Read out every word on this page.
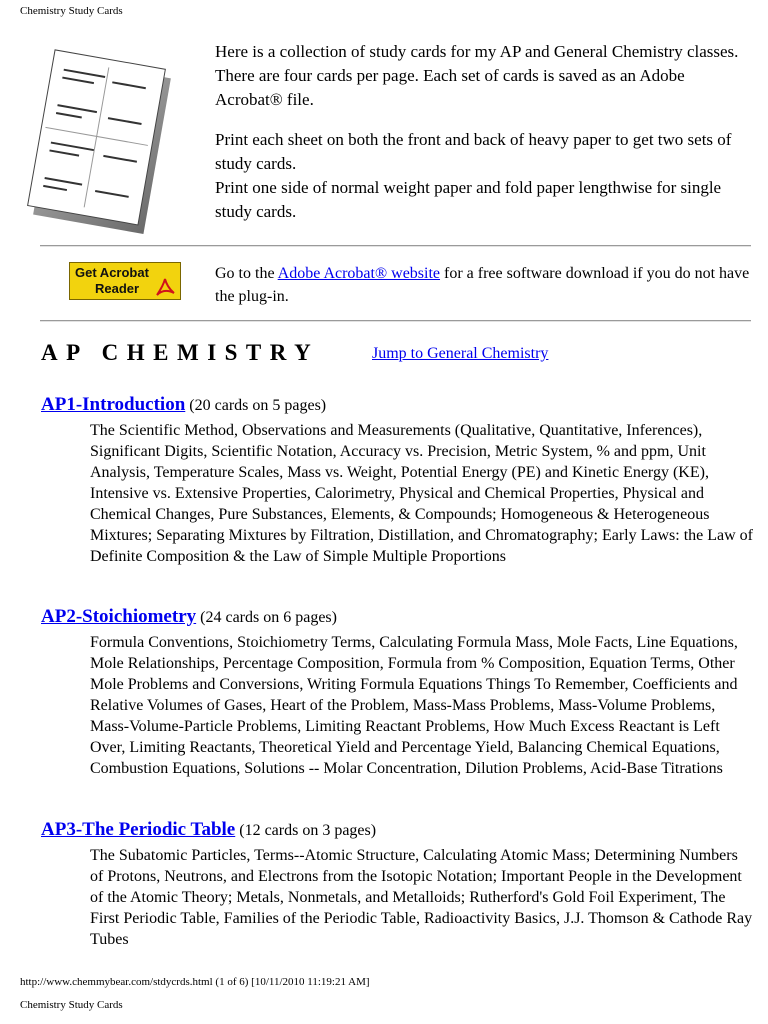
Chemistry Study Cards

Here is a collection of study cards for my AP and General Chemistry classes. There are four cards per page. Each set of cards is saved as an Adobe Acrobat® file.

Print each sheet on both the front and back of heavy paper to get two sets of study cards.

Print one side of normal weight paper and fold paper lengthwise for single study cards.

Get Acrobat
Reader
Go to the Adobe Acrobat® website for a free software download if you do not have the plug-in.
AP CHEMISTRY	Jump to General Chemistry
AP1-Introduction (20 cards on 5 pages)
The Scientific Method, Observations and Measurements (Qualitative, Quantitative, Inferences), Significant Digits, Scientific Notation, Accuracy vs. Precision, Metric System, % and ppm, Unit Analysis, Temperature Scales, Mass vs. Weight, Potential Energy (PE) and Kinetic Energy (KE), Intensive vs. Extensive Properties, Calorimetry, Physical and Chemical Properties, Physical and Chemical Changes, Pure Substances, Elements, & Compounds; Homogeneous & Heterogeneous Mixtures; Separating Mixtures by Filtration, Distillation, and Chromatography; Early Laws: the Law of Definite Composition & the Law of Simple Multiple Proportions
AP2-Stoichiometry (24 cards on 6 pages)
Formula Conventions, Stoichiometry Terms, Calculating Formula Mass, Mole Facts, Line Equations, Mole Relationships, Percentage Composition, Formula from % Composition, Equation Terms, Other Mole Problems and Conversions, Writing Formula Equations Things To Remember, Coefficients and Relative Volumes of Gases, Heart of the Problem, Mass-Mass Problems, Mass-Volume Problems, Mass-Volume-Particle Problems, Limiting Reactant Problems, How Much Excess Reactant is Left Over, Limiting Reactants, Theoretical Yield and Percentage Yield, Balancing Chemical Equations, Combustion Equations, Solutions -- Molar Concentration, Dilution Problems, Acid-Base Titrations
AP3-The Periodic Table (12 cards on 3 pages)
The Subatomic Particles, Terms--Atomic Structure, Calculating Atomic Mass; Determining Numbers of Protons, Neutrons, and Electrons from the Isotopic Notation; Important People in the Development of the Atomic Theory; Metals, Nonmetals, and Metalloids; Rutherford's Gold Foil Experiment, The First Periodic Table, Families of the Periodic Table, Radioactivity Basics, J.J. Thomson & Cathode Ray Tubes
http://www.chemmybear.com/stdycrds.html (1 of 6) [10/11/2010 11:19:21 AM]
Chemistry Study Cards
